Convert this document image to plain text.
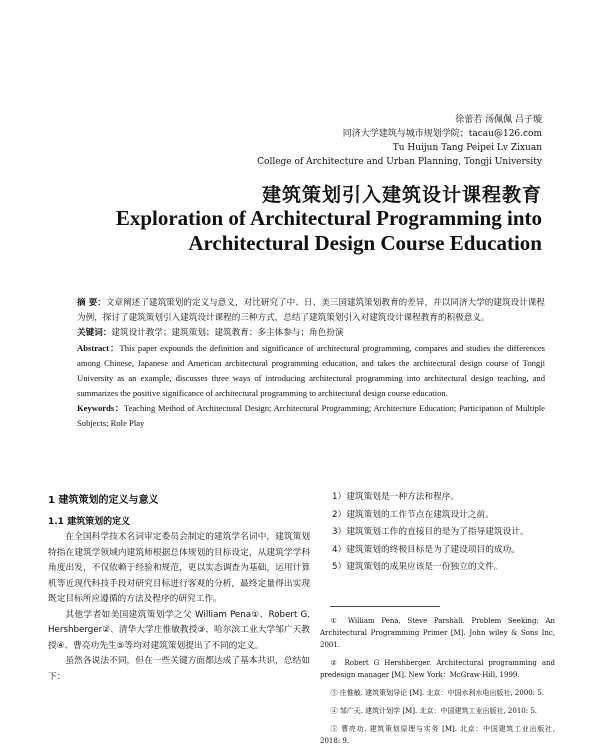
徐蕾若 汤佩佩 吕子璇
同济大学建筑与城市规划学院；tacau@126.com
Tu Huijun Tang Peipei Lv Zixuan
College of Architecture and Urban Planning, Tongji University
建筑策划引入建筑设计课程教育
Exploration of Architectural Programming into
Architectural Design Course Education

摘 要：文章阐述了建筑策划的定义与意义，对比研究了中、日、美三国建筑策划教育的差异，并以同济大学的建筑设计课程为例，探讨了建筑策划引入建筑设计课程的三种方式，总结了建筑策划引入对建筑设计课程教育的积极意义。

关键词：建筑设计教学；建筑策划；建筑教育；多主体参与；角色扮演

Abstract：This paper expounds the definition and significance of architectural programming, compares and studies the differences among Chinese, Japanese and American architectural programming education, and takes the architectural design course of Tongji University as an example, discusses three ways of introducing architectural programming into architectural design teaching, and summarizes the positive significance of architectural programming to architectural design course education.

Keywords：Teaching Method of Architectural Design; Architectural Programming; Architecture Education; Participation of Multiple Subjects; Role Play

1 建筑策划的定义与意义
1.1 建筑策划的定义

在全国科学技术名词审定委员会制定的建筑学名词中，建筑策划特指在建筑学领域内建筑师根据总体规划的目标设定，从建筑学学科角度出发，不仅依赖于经验和规范，更以实态调查为基础，运用计算机等近现代科技手段对研究目标进行客观的分析，最终定量得出实现既定目标所应遵循的方法及程序的研究工作。

其他学者如美国建筑策划学之父 William Pena①、Robert G. Hershberger②、清华大学庄惟敏教授③、哈尔滨工业大学邹广天教授④、曹亮功先生⑤等均对建筑策划提出了不同的定义。

虽然各说法不同，但在一些关键方面都达成了基本共识，总结如下：

1）建筑策划是一种方法和程序。
2）建筑策划的工作节点在建筑设计之前。
3）建筑策划工作的直接目的是为了指导建筑设计。
4）建筑策划的终极目标是为了建设项目的成功。
5）建筑策划的成果应该是一份独立的文件。

① William Pena, Steve Parshall. Problem Seeking: An Architectural Programming Primer [M]. John wiley & Sons Inc, 2001.

② Robert G Hershberger. Architectural programming and predesign manager [M]. New York：McGraw-Hill, 1999.

③ 庄惟敏. 建筑策划导论 [M]. 北京：中国水利水电出版社, 2000: 5.

④ 邹广天. 建筑计划学 [M]. 北京：中国建筑工业出版社, 2010: 5.

⑤ 曹亮功. 建筑策划原理与实务 [M]. 北京：中国建筑工业出版社, 2018: 9.
